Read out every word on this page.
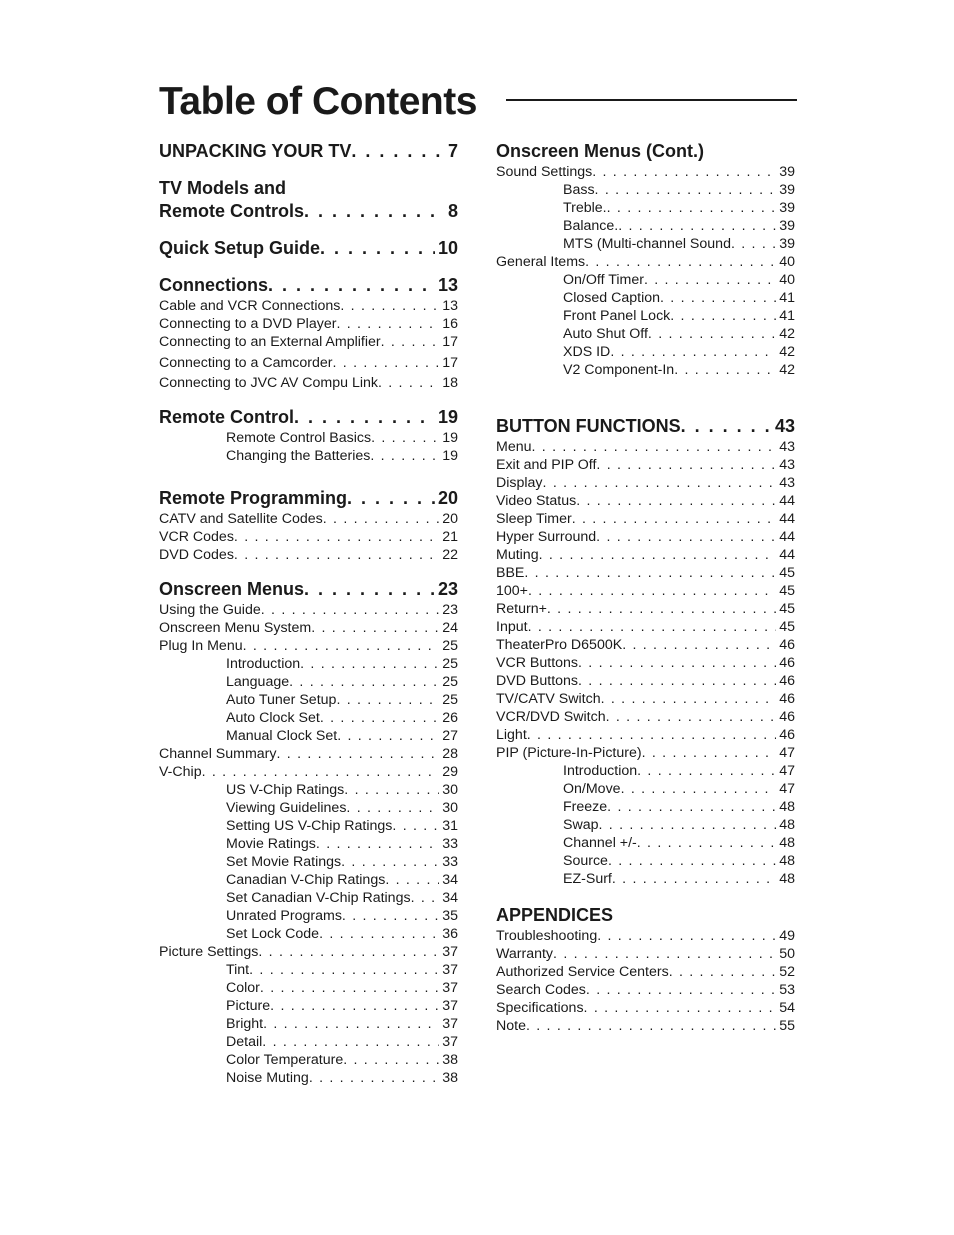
Table of Contents
UNPACKING YOUR TV . . .	7
TV Models and
Remote Controls . . .	8
Quick Setup Guide . . .	10
Connections . . .	13
Cable and VCR Connections . . .	13
Connecting to a DVD Player . . .	16
Connecting to an External Amplifier . . .	17
Connecting to a Camcorder . . .	17
Connecting to JVC AV Compu Link . . .	18
Remote Control . . .	19
Remote Control Basics . . .	19
Changing the Batteries . . .	19
Remote Programming . . .	20
CATV and Satellite Codes . . .	20
VCR Codes . . .	21
DVD Codes . . .	22
Onscreen Menus . . .	23
Using the Guide . . .	23
Onscreen Menu System . . .	24
Plug In Menu . . .	25
Introduction . . .	25
Language . . .	25
Auto Tuner Setup . . .	25
Auto Clock Set . . .	26
Manual Clock Set . . .	27
Channel Summary . . .	28
V-Chip . . .	29
US V-Chip Ratings . . .	30
Viewing Guidelines . . .	30
Setting US V-Chip Ratings . . .	31
Movie Ratings . . .	33
Set Movie Ratings . . .	33
Canadian V-Chip Ratings . . .	34
Set Canadian V-Chip Ratings . . . 34
Unrated Programs . . .	35
Set Lock Code . . .	36
Picture Settings . . .	37
Tint . . .	37
Color . . .	37
Picture . . .	37
Bright . . .	37
Detail . . .	37
Color Temperature . . .	38
Noise Muting . . .	38
Onscreen Menus (Cont.)
Sound Settings . . .	39
Bass . . .	39
Treble. . . .	39
Balance. . . .	39
MTS (Multi-channel Sound . . .	39
General Items . . .	40
On/Off Timer . . .	40
Closed Caption . . .	41
Front Panel Lock . . .	41
Auto Shut Off . . .	42
XDS ID . . .	42
V2 Component-In . . .	42
BUTTON FUNCTIONS . . .	43
Menu . . .	43
Exit and PIP Off . . .	43
Display . . .	43
Video Status . . .	44
Sleep Timer . . .	44
Hyper Surround . . .	44
Muting . . .	44
BBE . . .	45
100+ . . .	45
Return+ . . .	45
Input . . .	45
TheaterPro D6500K . . .	46
VCR Buttons . . .	46
DVD Buttons . . .	46
TV/CATV Switch . . .	46
VCR/DVD Switch . . .	46
Light . . .	46
PIP (Picture-In-Picture) . . .	47
Introduction . . .	47
On/Move . . .	47
Freeze . . .	48
Swap . . .	48
Channel +/- . . .	48
Source . . .	48
EZ-Surf . . .	48
APPENDICES
Troubleshooting . . .	49
Warranty . . .	50
Authorized Service Centers . . .	52
Search Codes . . .	53
Specifications . . .	54
Note . . .	55
